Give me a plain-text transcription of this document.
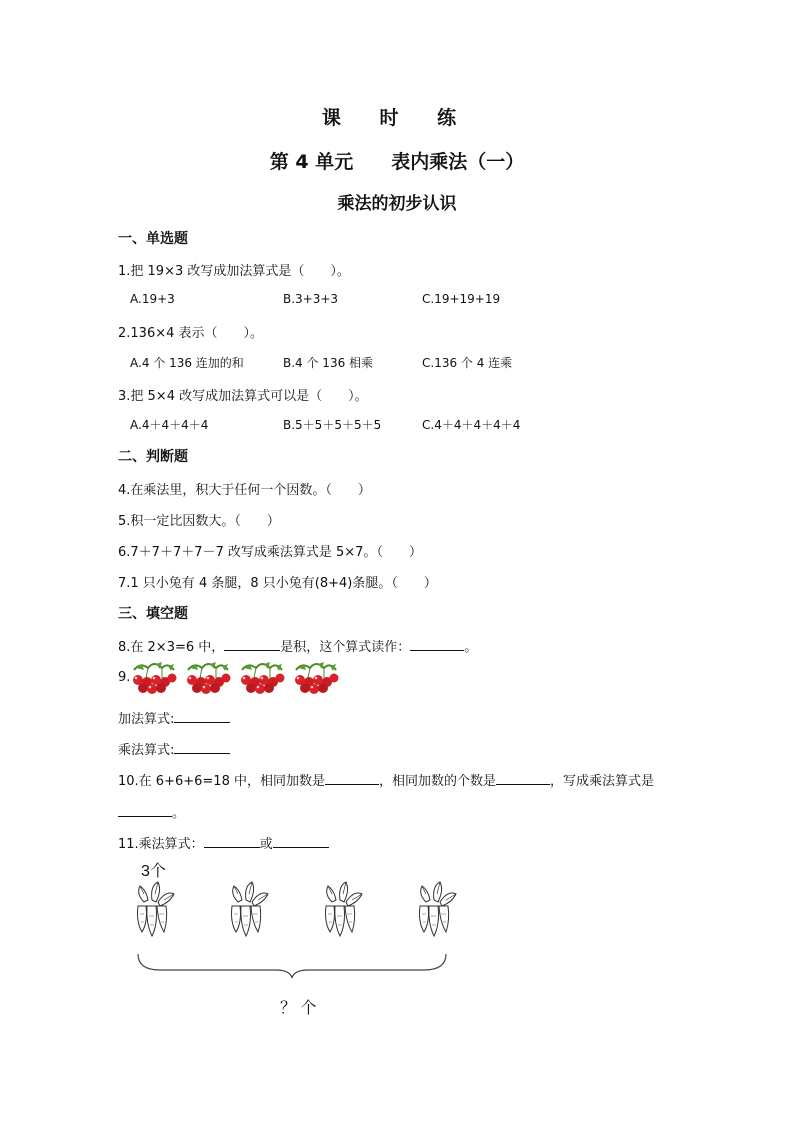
课 时 练
第 4 单元　　表内乘法（一）
乘法的初步认识
一、单选题
1.把 19×3 改写成加法算式是（　　）。
A.19+3	B.3+3+3	C.19+19+19
2.136×4 表示（　　）。
A.4 个 136 连加的和	B.4 个 136 相乘	C.136 个 4 连乘
3.把 5×4 改写成加法算式可以是（　　）。
A.4＋4＋4＋4	B.5＋5＋5＋5＋5	C.4＋4＋4＋4＋4
二、判断题
4.在乘法里，积大于任何一个因数。（　　）
5.积一定比因数大。（　　）
6.7＋7＋7＋7－7 改写成乘法算式是 5×7。（　　）
7.1 只小兔有 4 条腿，8 只小兔有(8+4)条腿。（　　）
三、填空题
8.在 2×3=6 中，	是积，这个算式读作：	。
9.
加法算式:
乘法算式:
10.在 6+6+6=18 中，相同加数是	，相同加数的个数是	，写成乘法算式是
。
11.乘法算式：	或
3个
？ 个
